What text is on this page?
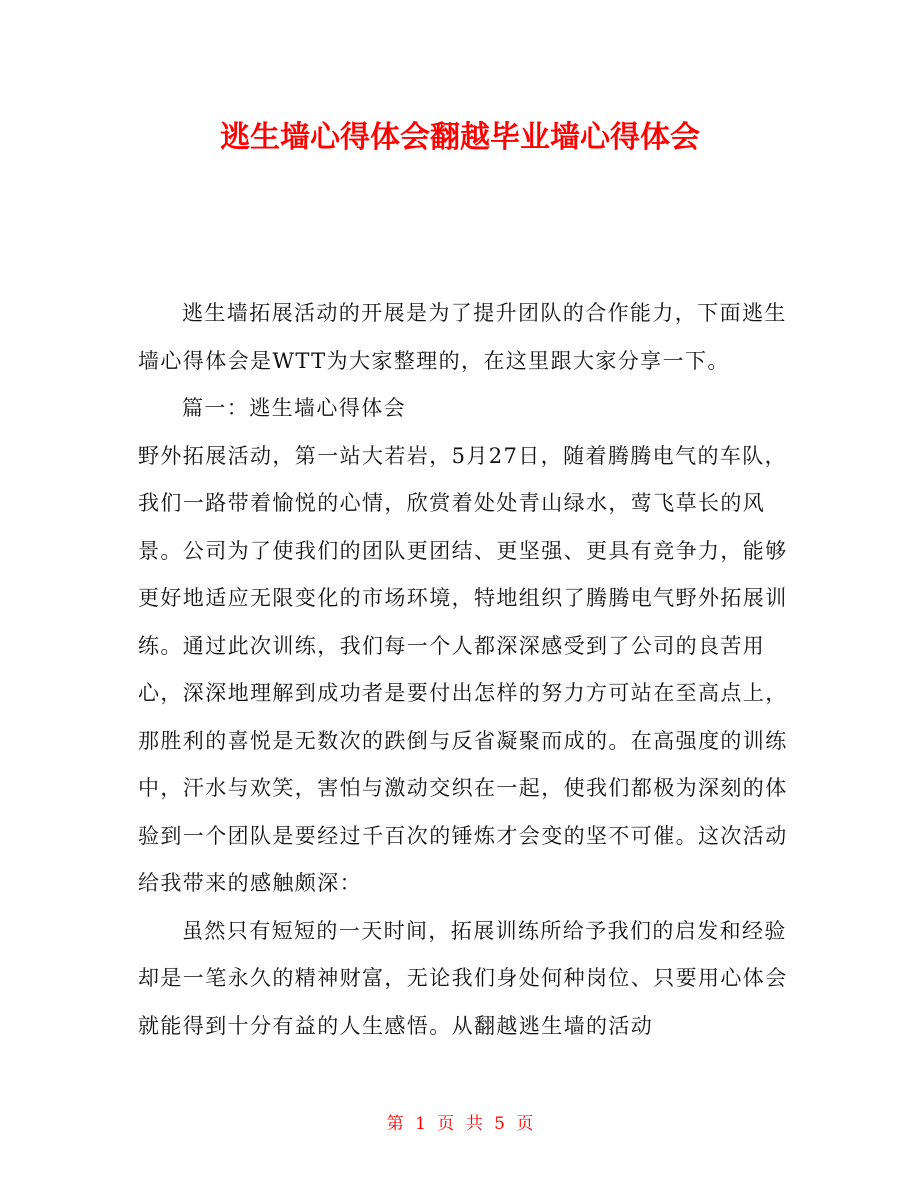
逃生墙心得体会翻越毕业墙心得体会

逃生墙拓展活动的开展是为了提升团队的合作能力，下面逃生墙心得体会是WTT为大家整理的，在这里跟大家分享一下。

篇一：逃生墙心得体会

野外拓展活动，第一站大若岩，5月27日，随着腾腾电气的车队，我们一路带着愉悦的心情，欣赏着处处青山绿水，莺飞草长的风景。公司为了使我们的团队更团结、更坚强、更具有竞争力，能够更好地适应无限变化的市场环境，特地组织了腾腾电气野外拓展训练。通过此次训练，我们每一个人都深深感受到了公司的良苦用心，深深地理解到成功者是要付出怎样的努力方可站在至高点上，那胜利的喜悦是无数次的跌倒与反省凝聚而成的。在高强度的训练中，汗水与欢笑，害怕与激动交织在一起，使我们都极为深刻的体验到一个团队是要经过千百次的锤炼才会变的坚不可催。这次活动给我带来的感触颇深：

虽然只有短短的一天时间，拓展训练所给予我们的启发和经验却是一笔永久的精神财富，无论我们身处何种岗位、只要用心体会就能得到十分有益的人生感悟。从翻越逃生墙的活动

第 1 页 共 5 页
